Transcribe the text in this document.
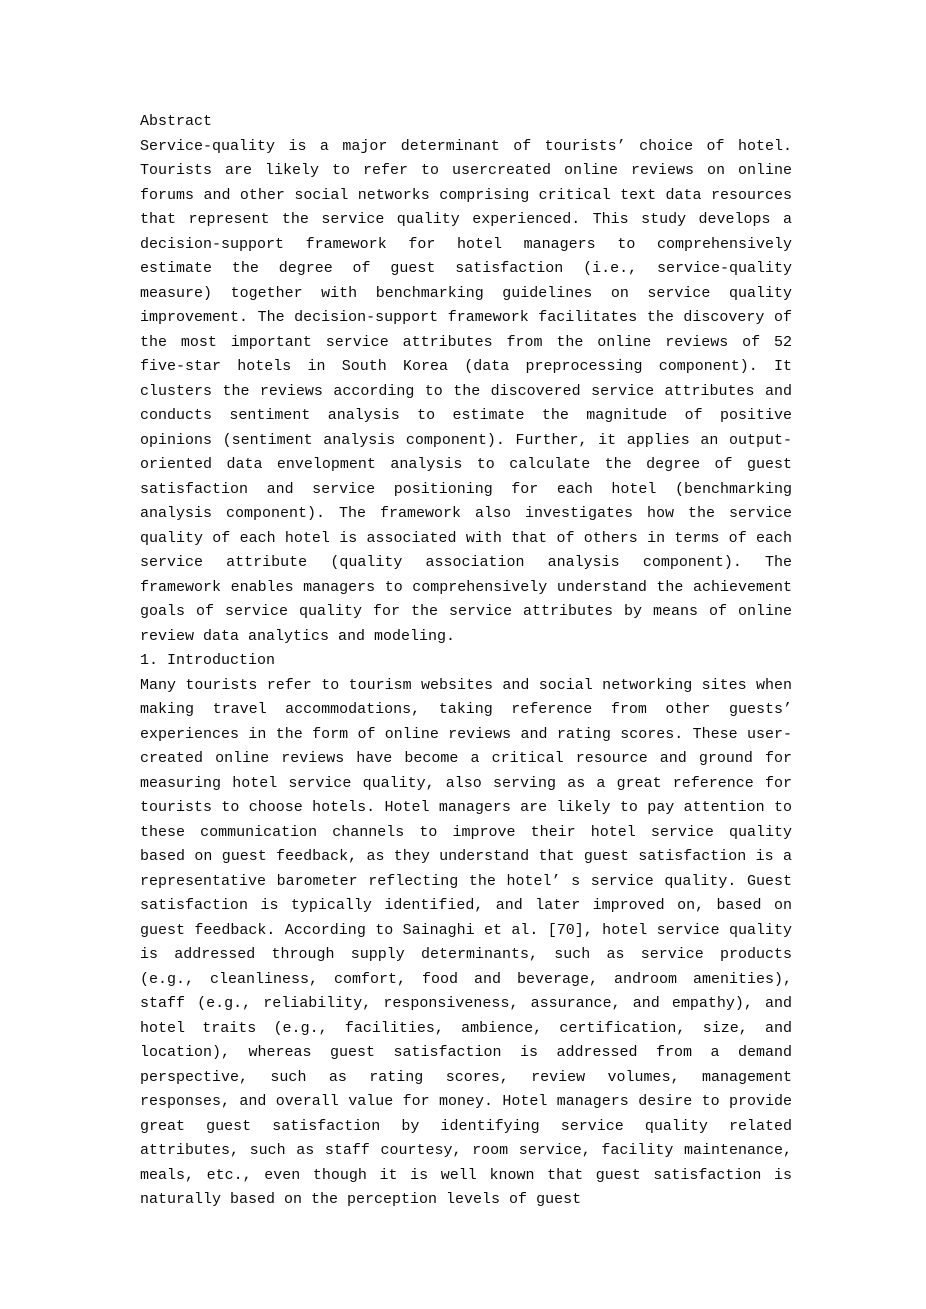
Abstract

Service-quality is a major determinant of tourists’ choice of hotel. Tourists are likely to refer to usercreated online reviews on online forums and other social networks comprising critical text data resources that represent the service quality experienced. This study develops a decision-support framework for hotel managers to comprehensively estimate the degree of guest satisfaction (i.e., service-quality measure) together with benchmarking guidelines on service quality improvement. The decision-support framework facilitates the discovery of the most important service attributes from the online reviews of 52 five-star hotels in South Korea (data preprocessing component). It clusters the reviews according to the discovered service attributes and conducts sentiment analysis to estimate the magnitude of positive opinions (sentiment analysis component). Further, it applies an output-oriented data envelopment analysis to calculate the degree of guest satisfaction and service positioning for each hotel (benchmarking analysis component). The framework also investigates how the service quality of each hotel is associated with that of others in terms of each service attribute (quality association analysis component). The framework enables managers to comprehensively understand the achievement goals of service quality for the service attributes by means of online review data analytics and modeling.

1. Introduction

Many tourists refer to tourism websites and social networking sites when making travel accommodations, taking reference from other guests’ experiences in the form of online reviews and rating scores. These user-created online reviews have become a critical resource and ground for measuring hotel service quality, also serving as a great reference for tourists to choose hotels. Hotel managers are likely to pay attention to these communication channels to improve their hotel service quality based on guest feedback, as they understand that guest satisfaction is a representative barometer reflecting the hotel’ s service quality. Guest satisfaction is typically identified, and later improved on, based on guest feedback. According to Sainaghi et al. [70], hotel service quality is addressed through supply determinants, such as service products (e.g., cleanliness, comfort, food and beverage, androom amenities), staff (e.g., reliability, responsiveness, assurance, and empathy), and hotel traits (e.g., facilities, ambience, certification, size, and location), whereas guest satisfaction is addressed from a demand perspective, such as rating scores, review volumes, management responses, and overall value for money. Hotel managers desire to provide great guest satisfaction by identifying service quality related attributes, such as staff courtesy, room service, facility maintenance, meals, etc., even though it is well known that guest satisfaction is naturally based on the perception levels of guest
